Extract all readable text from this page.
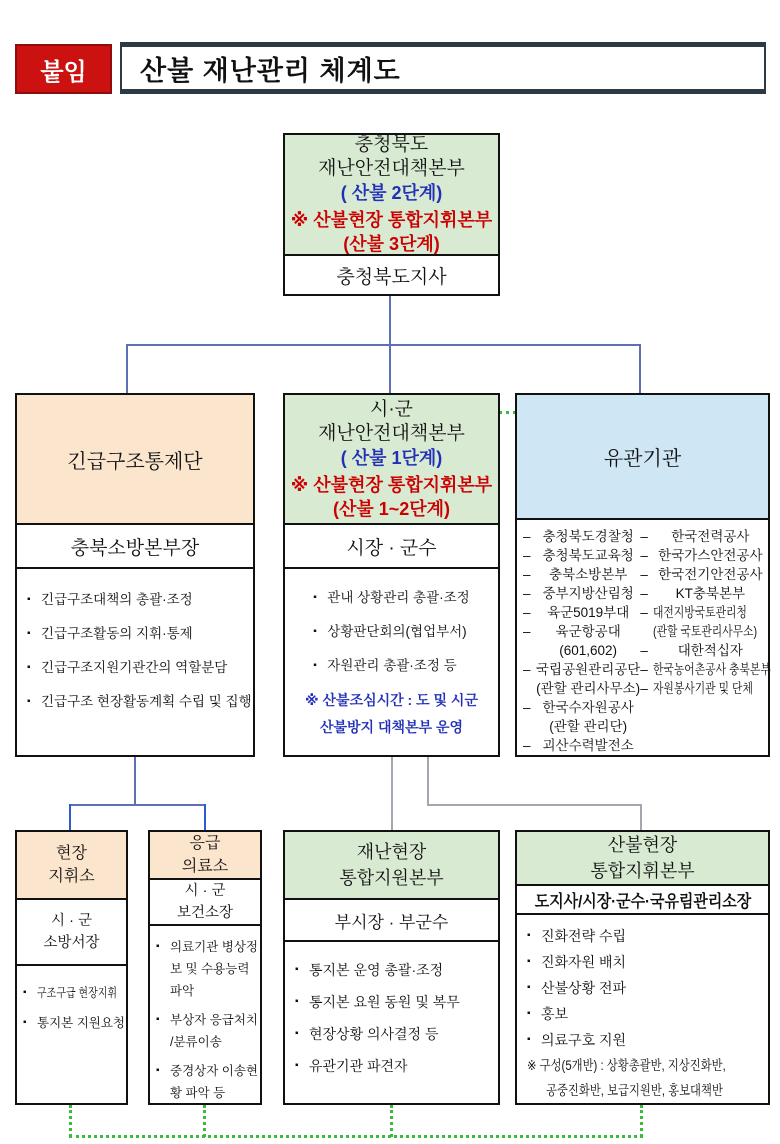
붙임	산불 재난관리 체계도
충청북도
재난안전대책본부
( 산불 2단계)
※ 산불현장 통합지휘본부
(산불 3단계)
충청북도지사
긴급구조통제단
충북소방본부장
▪ 긴급구조대책의 총괄·조정
▪ 긴급구조활동의 지휘·통제
▪ 긴급구조지원기관간의 역할분담
▪ 긴급구조 현장활동계획 수립 및 집행
시·군
재난안전대책본부
( 산불 1단계)
※ 산불현장 통합지휘본부
(산불 1~2단계)
시장 · 군수
▪ 관내 상황관리 총괄·조정
▪ 상황판단회의(협업부서)
▪ 자원관리 총괄·조정 등
※ 산불조심시간 : 도 및 시군
산불방지 대책본부 운영
유관기관
– 충청북도경찰청
– 충청북도교육청
– 충북소방본부
– 중부지방산림청
– 육군5019부대
– 육군항공대
(601,602)
– 국립공원관리공단
(관할 관리사무소)
– 한국수자원공사
(관할 관리단)
– 괴산수력발전소
– 한국전력공사
– 한국가스안전공사
– 한국전기안전공사
– KT충북본부
– 대전지방국토관리청
(관할 국토관리사무소)
– 대한적십자
– 한국농어촌공사 충북본부
– 자원봉사기관 및 단체
현장
지휘소
시 · 군
소방서장
▪ 구조구급 현장지휘
▪ 통지본 지원요청
응급
의료소
시 · 군
보건소장
▪ 의료기관 병상정보 및 수용능력 파악
▪ 부상자 응급처치 /분류이송
▪ 중경상자 이송현황 파악 등
재난현장
통합지원본부
부시장 · 부군수
▪ 통지본 운영 총괄·조정
▪ 통지본 요원 동원 및 복무
▪ 현장상황 의사결정 등
▪ 유관기관 파견자
산불현장
통합지휘본부
도지사/시장·군수·국유림관리소장
▪ 진화전략 수립
▪ 진화자원 배치
▪ 산불상황 전파
▪ 홍보
▪ 의료구호 지원
※ 구성(5개반) : 상황총괄반, 지상진화반,
공중진화반, 보급지원반, 홍보대책반
